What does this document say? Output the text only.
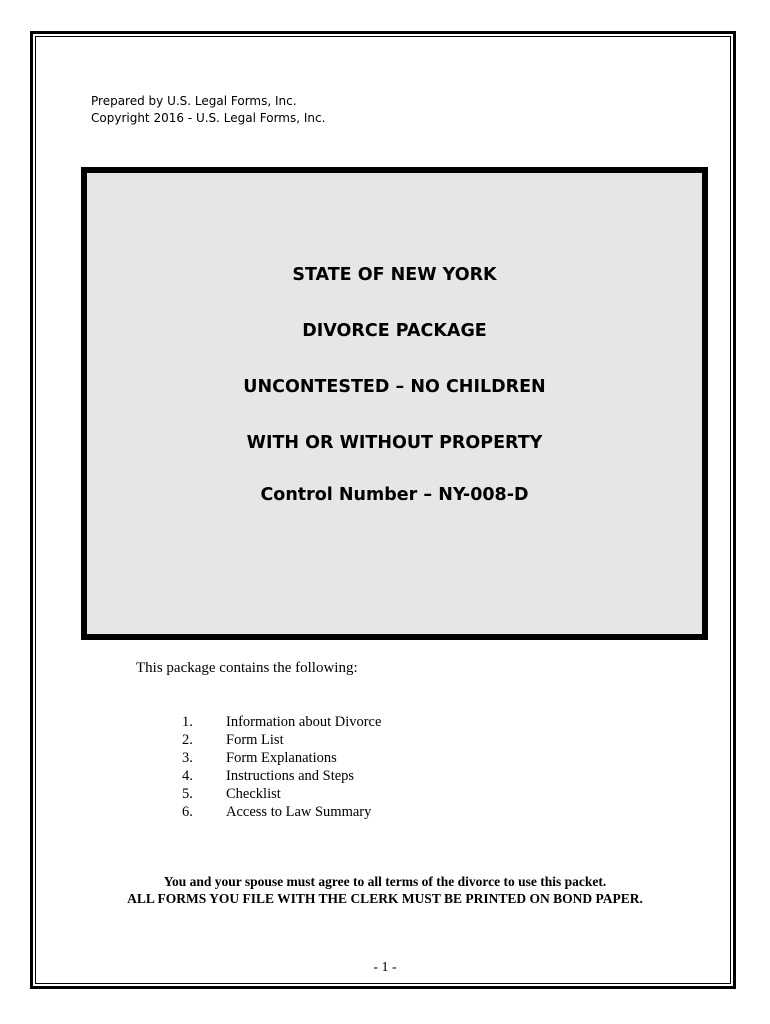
Prepared by U.S. Legal Forms, Inc.
Copyright 2016 - U.S. Legal Forms, Inc.
STATE OF NEW YORK
DIVORCE PACKAGE
UNCONTESTED – NO CHILDREN
WITH OR WITHOUT PROPERTY
Control Number – NY-008-D
This package contains the following:
1. Information about Divorce
2. Form List
3. Form Explanations
4. Instructions and Steps
5. Checklist
6. Access to Law Summary
You and your spouse must agree to all terms of the divorce to use this packet.
ALL FORMS YOU FILE WITH THE CLERK MUST BE PRINTED ON BOND PAPER.
- 1 -
